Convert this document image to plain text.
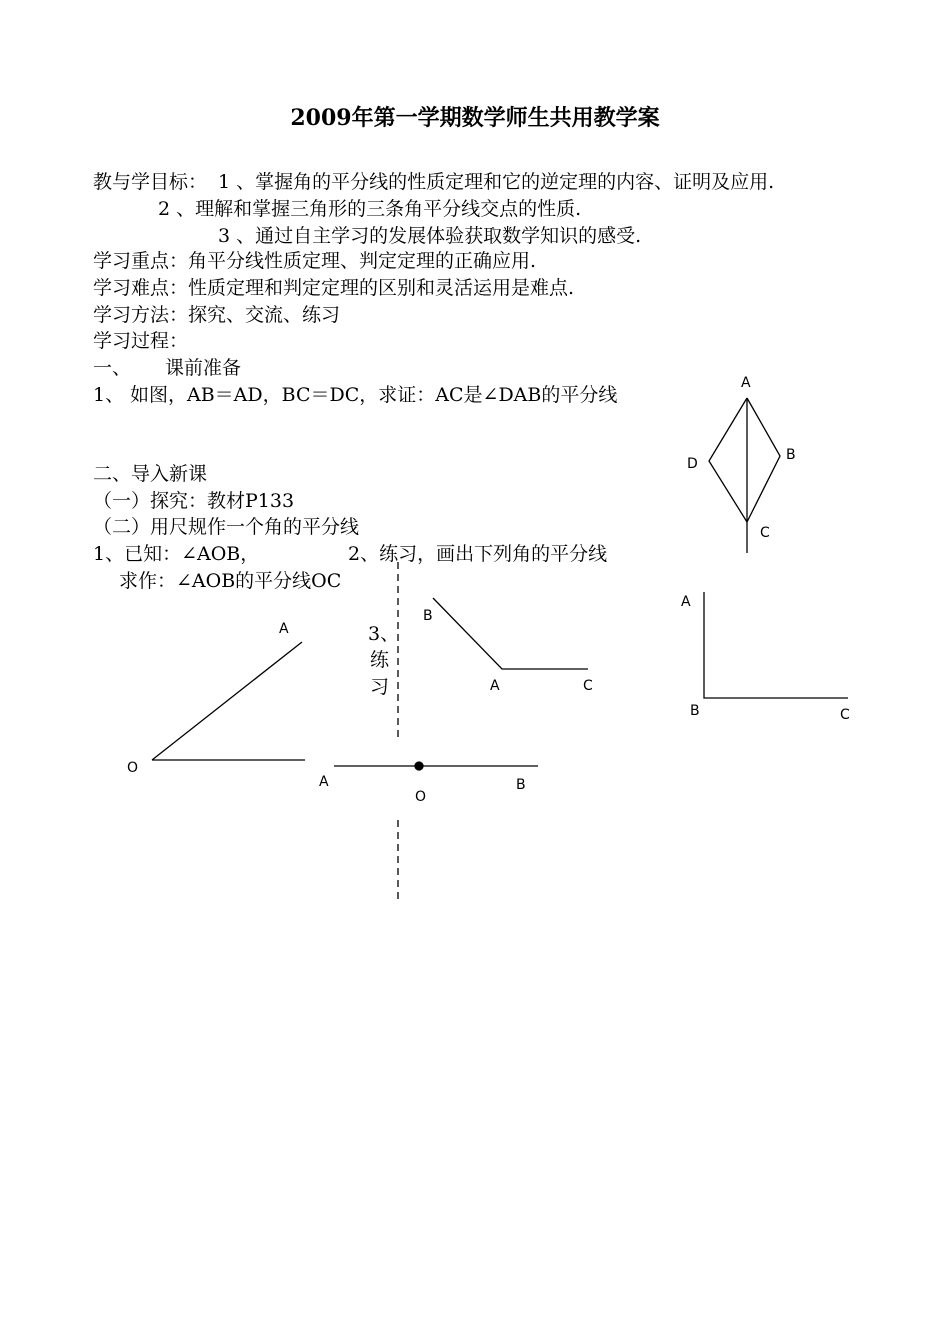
2009年第一学期数学师生共用教学案
教与学目标： 1 、掌握角的平分线的性质定理和它的逆定理的内容、证明及应用.
2 、理解和掌握三角形的三条角平分线交点的性质.
3 、通过自主学习的发展体验获取数学知识的感受.
学习重点：角平分线性质定理、判定定理的正确应用.
学习难点：性质定理和判定定理的区别和灵活运用是难点.
学习方法：探究、交流、练习
学习过程：
一、 课前准备
1、 如图，AB＝AD，BC＝DC，求证：AC是∠DAB的平分线
二、导入新课
（一）探究：教材P133
（二）用尺规作一个角的平分线
1、已知：∠AOB，	2、练习，画出下列角的平分线
求作：∠AOB的平分线OC
3、
练
习
A
B
C
D
A
O
B
A	C
A
B	C
A
O
B
